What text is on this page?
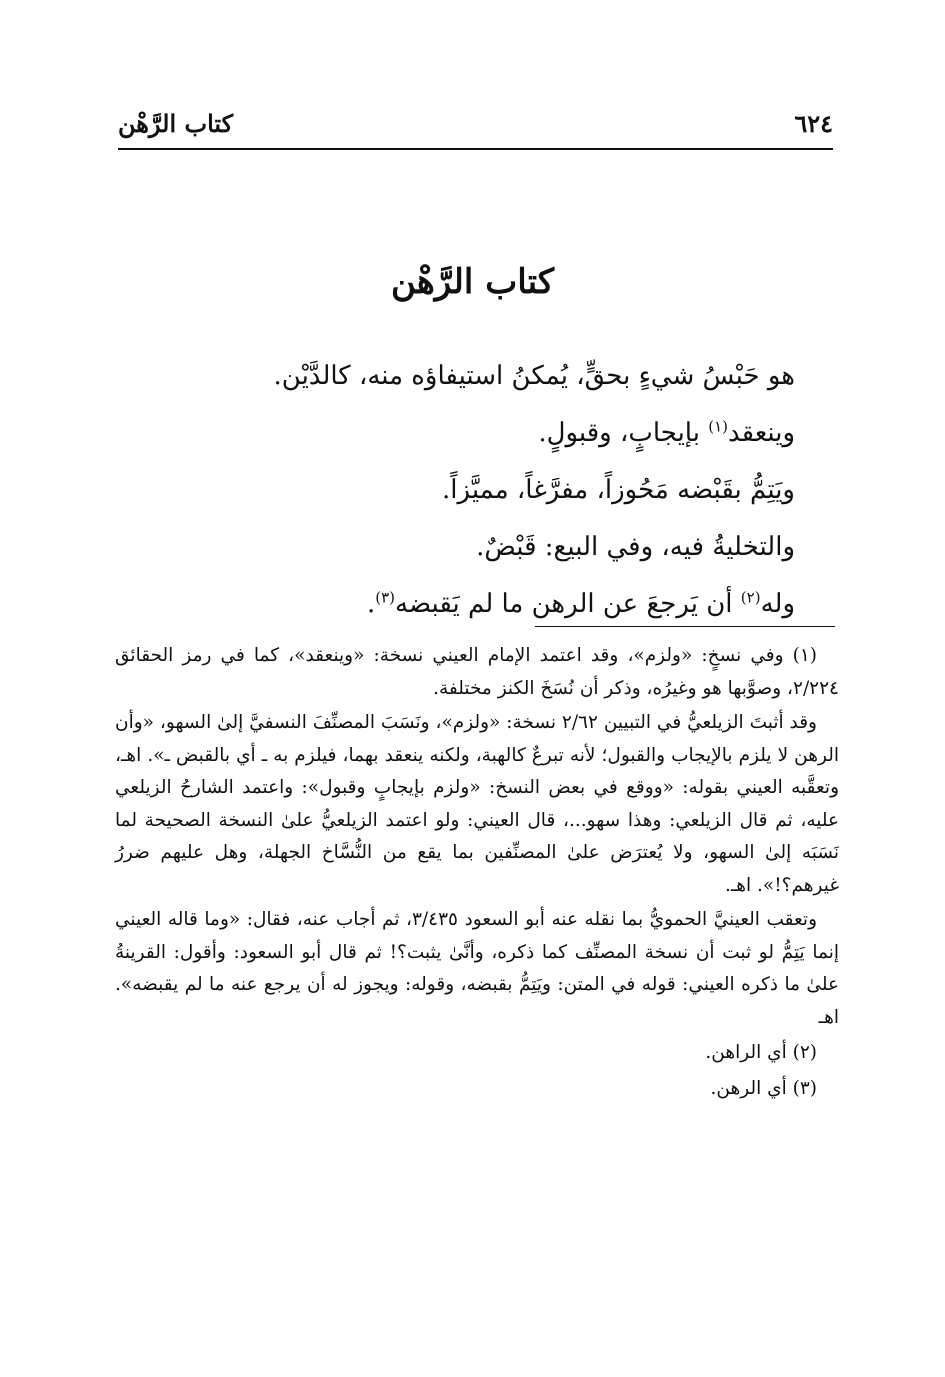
كتاب الرَّهْن	٦٢٤
كتاب الرَّهْن
هو حَبْسُ شيءٍ بحقٍّ، يُمكنُ استيفاؤه منه، كالدَّيْن.
وينعقد$^{(١)}$ بإيجابٍ، وقبولٍ.
ويَتِمُّ بقَبْضه مَحُوزاً، مفرَّغاً، مميَّزاً.
والتخليةُ فيه، وفي البيع: قَبْضٌ.
وله$^{(٢)}$ أن يَرجعَ عن الرهن ما لم يَقبضه$^{(٣)}$.

(١) وفي نسخٍ: «ولزم»، وقد اعتمد الإمام العيني نسخة: «وينعقد»، كما في رمز الحقائق ٢/٢٢٤، وصوَّبها هو وغيرُه، وذكر أن نُسَخَ الكنز مختلفة.

وقد أثبتَ الزيلعيُّ في التبيين ٢/٦٢ نسخة: «ولزم»، ونَسَبَ المصنِّفَ النسفيَّ إلىٰ السهو، «وأن الرهن لا يلزم بالإيجاب والقبول؛ لأنه تبرعٌ كالهبة، ولكنه ينعقد بهما، فيلزم به ـ أي بالقبض ـ». اهـ، وتعقَّبه العيني بقوله: «ووقع في بعض النسخ: «ولزم بإيجابٍ وقبول»: واعتمد الشارحُ الزيلعي عليه، ثم قال الزيلعي: وهذا سهو...، قال العيني: ولو اعتمد الزيلعيُّ علىٰ النسخة الصحيحة لما نَسَبَه إلىٰ السهو، ولا يُعترَض علىٰ المصنِّفين بما يقع من النُّسَّاخ الجهلة، وهل عليهم ضررُ غيرهم؟!». اهـ.

وتعقب العينيَّ الحمويُّ بما نقله عنه أبو السعود ٣/٤٣٥، ثم أجاب عنه، فقال: «وما قاله العيني إنما يَتِمُّ لو ثبت أن نسخة المصنِّف كما ذكره، وأنَّىٰ يثبت؟! ثم قال أبو السعود: وأقول: القرينةُ علىٰ ما ذكره العيني: قوله في المتن: ويَتِمُّ بقبضه، وقوله: ويجوز له أن يرجع عنه ما لم يقبضه». اهـ

(٢) أي الراهن.

(٣) أي الرهن.
